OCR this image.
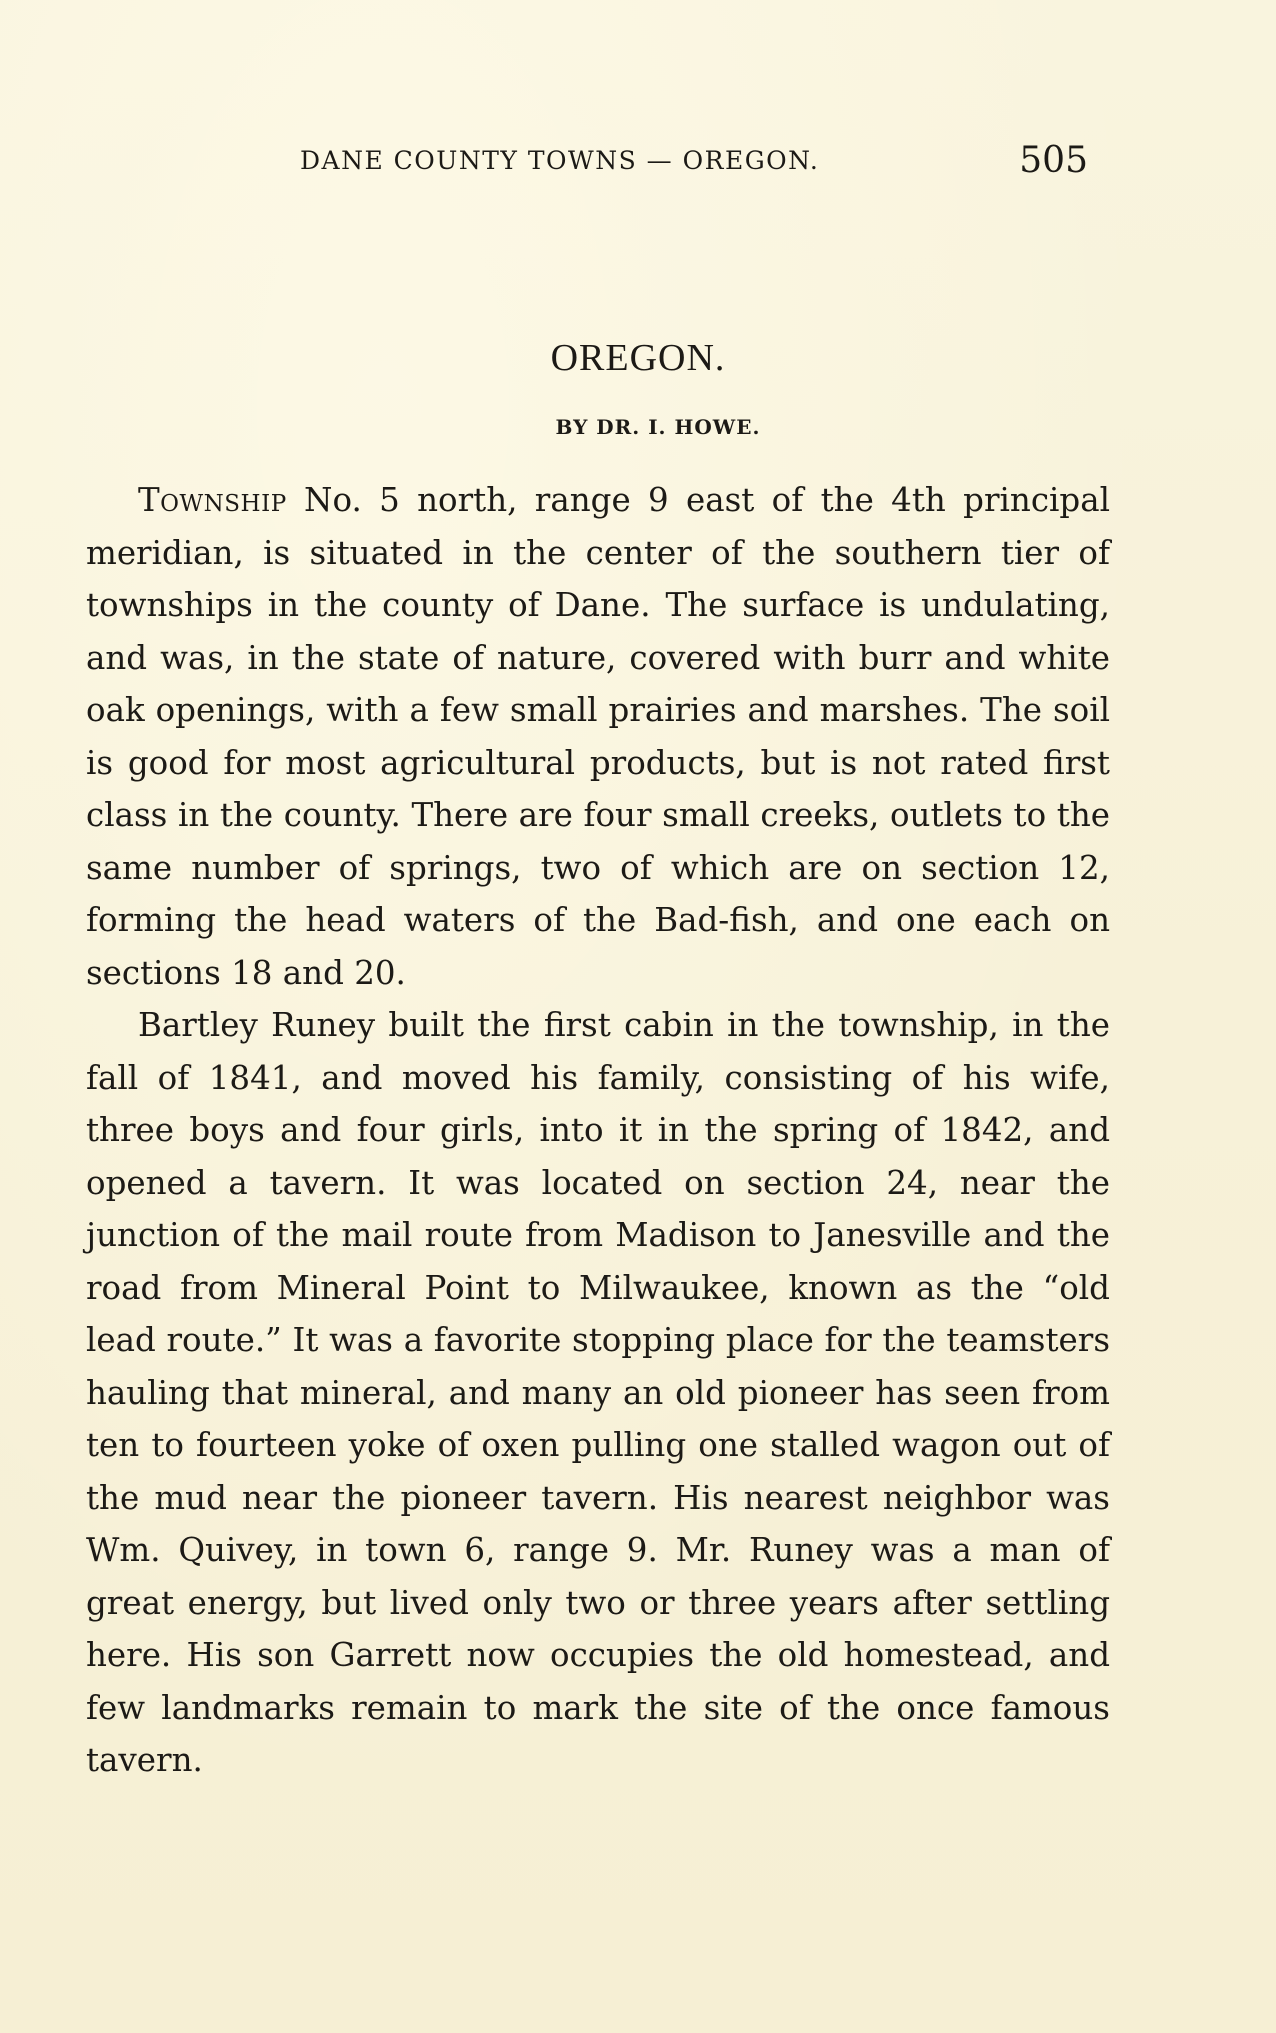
DANE COUNTY TOWNS — OREGON.	505
OREGON.
BY DR. I. HOWE.

Township No. 5 north, range 9 east of the 4th principal meridian, is situated in the center of the southern tier of townships in the county of Dane. The surface is undulating, and was, in the state of nature, covered with burr and white oak openings, with a few small prairies and marshes. The soil is good for most agricultural products, but is not rated first class in the county. There are four small creeks, outlets to the same number of springs, two of which are on section 12, forming the head waters of the Bad-fish, and one each on sections 18 and 20.

Bartley Runey built the first cabin in the township, in the fall of 1841, and moved his family, consisting of his wife, three boys and four girls, into it in the spring of 1842, and opened a tavern. It was located on section 24, near the junction of the mail route from Madison to Janesville and the road from Mineral Point to Milwaukee, known as the “old lead route.” It was a favorite stopping place for the teamsters hauling that mineral, and many an old pioneer has seen from ten to fourteen yoke of oxen pulling one stalled wagon out of the mud near the pioneer tavern. His nearest neighbor was Wm. Quivey, in town 6, range 9. Mr. Runey was a man of great energy, but lived only two or three years after settling here. His son Garrett now occupies the old homestead, and few landmarks remain to mark the site of the once famous tavern.
